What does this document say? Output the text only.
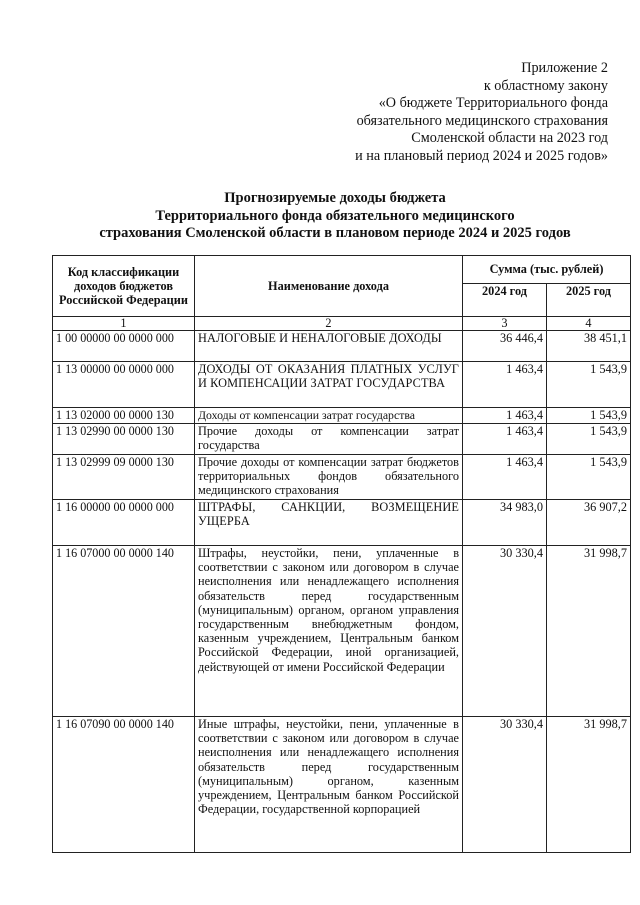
Приложение 2
к областному закону
«О бюджете Территориального фонда
обязательного медицинского страхования
Смоленской области на 2023 год
и на плановый период 2024 и 2025 годов»
Прогнозируемые доходы бюджета
Территориального фонда обязательного медицинского
страхования Смоленской области в плановом периоде 2024 и 2025 годов
Код классификации доходов бюджетов Российской Федерации	Наименование дохода	Сумма (тыс. рублей)	
		2024 год	2025 год
1	2	3	4
1 00 00000 00 0000 000	НАЛОГОВЫЕ И НЕНАЛОГОВЫЕ ДОХОДЫ	36 446,4	38 451,1
1 13 00000 00 0000 000	ДОХОДЫ ОТ ОКАЗАНИЯ ПЛАТНЫХ УСЛУГ И КОМПЕНСАЦИИ ЗАТРАТ ГОСУДАРСТВА	1 463,4	1 543,9
1 13 02000 00 0000 130	Доходы от компенсации затрат государства	1 463,4	1 543,9
1 13 02990 00 0000 130	Прочие доходы от компенсации затрат государства	1 463,4	1 543,9
1 13 02999 09 0000 130	Прочие доходы от компенсации затрат бюджетов территориальных фондов обязательного медицинского страхования	1 463,4	1 543,9
1 16 00000 00 0000 000	ШТРАФЫ, САНКЦИИ, ВОЗМЕЩЕНИЕ УЩЕРБА	34 983,0	36 907,2
1 16 07000 00 0000 140	Штрафы, неустойки, пени, уплаченные в соответствии с законом или договором в случае неисполнения или ненадлежащего исполнения обязательств перед государственным (муниципальным) органом, органом управления государственным внебюджетным фондом, казенным учреждением, Центральным банком Российской Федерации, иной организацией, действующей от имени Российской Федерации	30 330,4	31 998,7
1 16 07090 00 0000 140	Иные штрафы, неустойки, пени, уплаченные в соответствии с законом или договором в случае неисполнения или ненадлежащего исполнения обязательств перед государственным (муниципальным) органом, казенным учреждением, Центральным банком Российской Федерации, государственной корпорацией	30 330,4	31 998,7
